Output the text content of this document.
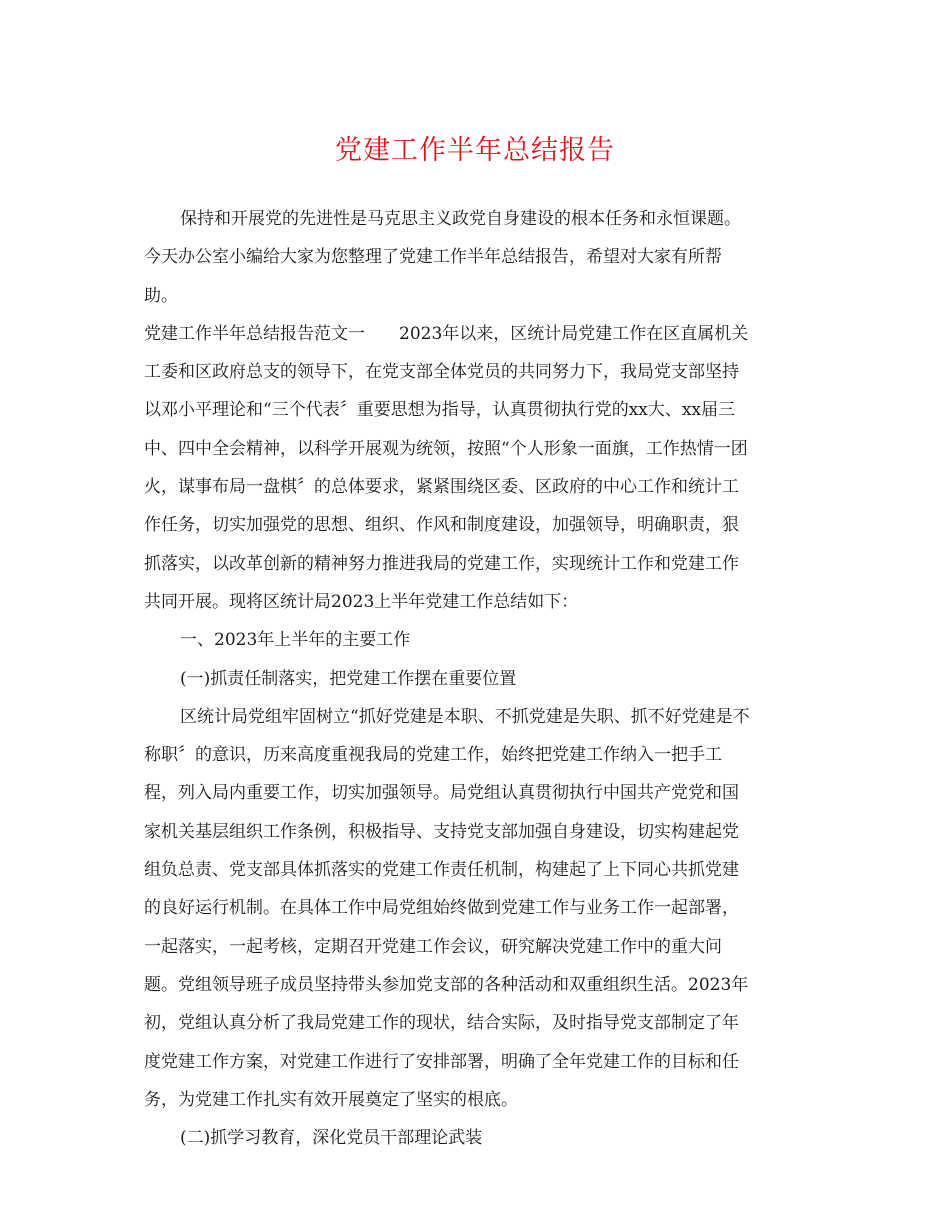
党建工作半年总结报告
保持和开展党的先进性是马克思主义政党自身建设的根本任务和永恒课题。
今天办公室小编给大家为您整理了党建工作半年总结报告，希望对大家有所帮
助。
党建工作半年总结报告范文一　　2023年以来，区统计局党建工作在区直属机关
工委和区政府总支的领导下，在党支部全体党员的共同努力下，我局党支部坚持
以邓小平理论和“三个代表〞重要思想为指导，认真贯彻执行党的xx大、xx届三
中、四中全会精神，以科学开展观为统领，按照“个人形象一面旗，工作热情一团
火，谋事布局一盘棋〞的总体要求，紧紧围绕区委、区政府的中心工作和统计工
作任务，切实加强党的思想、组织、作风和制度建设，加强领导，明确职责，狠
抓落实，以改革创新的精神努力推进我局的党建工作，实现统计工作和党建工作
共同开展。现将区统计局2023上半年党建工作总结如下：
一、2023年上半年的主要工作
(一)抓责任制落实，把党建工作摆在重要位置
区统计局党组牢固树立“抓好党建是本职、不抓党建是失职、抓不好党建是不
称职〞的意识，历来高度重视我局的党建工作，始终把党建工作纳入一把手工
程，列入局内重要工作，切实加强领导。局党组认真贯彻执行中国共产党党和国
家机关基层组织工作条例，积极指导、支持党支部加强自身建设，切实构建起党
组负总责、党支部具体抓落实的党建工作责任机制，构建起了上下同心共抓党建
的良好运行机制。在具体工作中局党组始终做到党建工作与业务工作一起部署，
一起落实，一起考核，定期召开党建工作会议，研究解决党建工作中的重大问
题。党组领导班子成员坚持带头参加党支部的各种活动和双重组织生活。2023年
初，党组认真分析了我局党建工作的现状，结合实际，及时指导党支部制定了年
度党建工作方案，对党建工作进行了安排部署，明确了全年党建工作的目标和任
务，为党建工作扎实有效开展奠定了坚实的根底。
(二)抓学习教育，深化党员干部理论武装
